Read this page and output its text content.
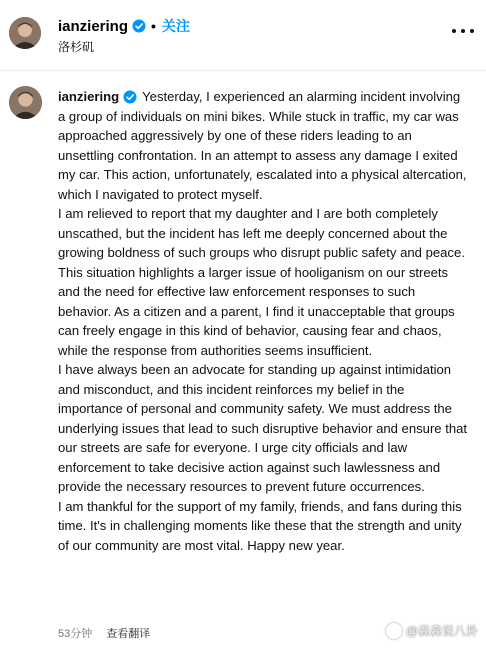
ianziering • 关注
洛杉矶

ianziering Yesterday, I experienced an alarming incident involving a group of individuals on mini bikes. While stuck in traffic, my car was approached aggressively by one of these riders leading to an unsettling confrontation. In an attempt to assess any damage I exited my car. This action, unfortunately, escalated into a physical altercation, which I navigated to protect myself.

I am relieved to report that my daughter and I are both completely unscathed, but the incident has left me deeply concerned about the growing boldness of such groups who disrupt public safety and peace. This situation highlights a larger issue of hooliganism on our streets and the need for effective law enforcement responses to such behavior. As a citizen and a parent, I find it unacceptable that groups can freely engage in this kind of behavior, causing fear and chaos, while the response from authorities seems insufficient.

I have always been an advocate for standing up against intimidation and misconduct, and this incident reinforces my belief in the importance of personal and community safety. We must address the underlying issues that lead to such disruptive behavior and ensure that our streets are safe for everyone. I urge city officials and law enforcement to take decisive action against such lawlessness and provide the necessary resources to prevent future occurrences.

I am thankful for the support of my family, friends, and fans during this time. It's in challenging moments like these that the strength and unity of our community are most vital. Happy new year.

53分钟 查看翻译	@森森说八卦
